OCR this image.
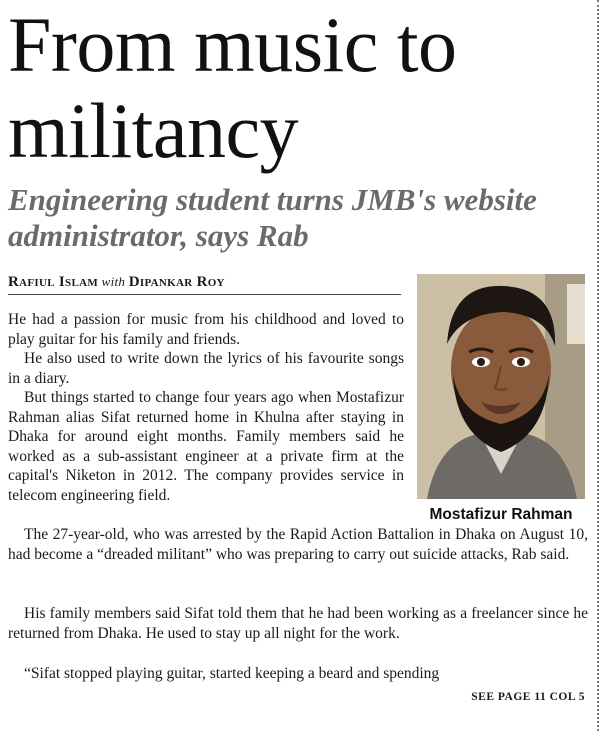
From music to militancy
Engineering student turns JMB's website administrator, says Rab
Rafiul Islam with Dipankar Roy
Mostafizur Rahman

He had a passion for music from his childhood and loved to play guitar for his family and friends.

He also used to write down the lyrics of his favourite songs in a diary.

But things started to change four years ago when Mostafizur Rahman alias Sifat returned home in Khulna after staying in Dhaka for around eight months. Family members said he worked as a sub-assistant engineer at a private firm at the capital's Niketon in 2012. The company provides service in telecom engineering field.

The 27-year-old, who was arrested by the Rapid Action Battalion in Dhaka on August 10, had become a “dreaded militant” who was preparing to carry out suicide attacks, Rab said.

His family members said Sifat told them that he had been working as a freelancer since he returned from Dhaka. He used to stay up all night for the work.

“Sifat stopped playing guitar, started keeping a beard and spending

SEE PAGE 11 COL 5
